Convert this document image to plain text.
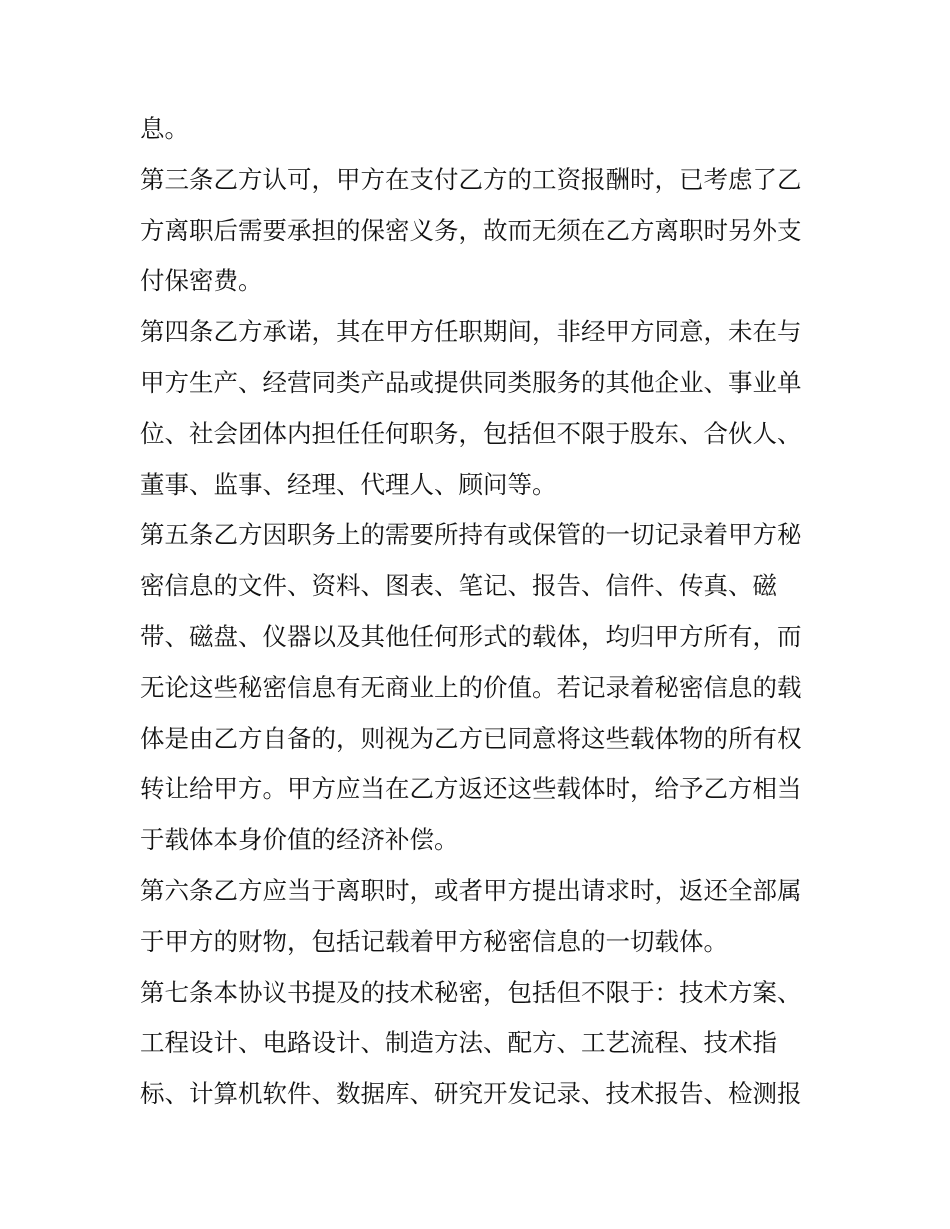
息。
第三条乙方认可，甲方在支付乙方的工资报酬时，已考虑了乙
方离职后需要承担的保密义务，故而无须在乙方离职时另外支
付保密费。
第四条乙方承诺，其在甲方任职期间，非经甲方同意，未在与
甲方生产、经营同类产品或提供同类服务的其他企业、事业单
位、社会团体内担任任何职务，包括但不限于股东、合伙人、
董事、监事、经理、代理人、顾问等。
第五条乙方因职务上的需要所持有或保管的一切记录着甲方秘
密信息的文件、资料、图表、笔记、报告、信件、传真、磁
带、磁盘、仪器以及其他任何形式的载体，均归甲方所有，而
无论这些秘密信息有无商业上的价值。若记录着秘密信息的载
体是由乙方自备的，则视为乙方已同意将这些载体物的所有权
转让给甲方。甲方应当在乙方返还这些载体时，给予乙方相当
于载体本身价值的经济补偿。
第六条乙方应当于离职时，或者甲方提出请求时，返还全部属
于甲方的财物，包括记载着甲方秘密信息的一切载体。
第七条本协议书提及的技术秘密，包括但不限于：技术方案、
工程设计、电路设计、制造方法、配方、工艺流程、技术指
标、计算机软件、数据库、研究开发记录、技术报告、检测报
